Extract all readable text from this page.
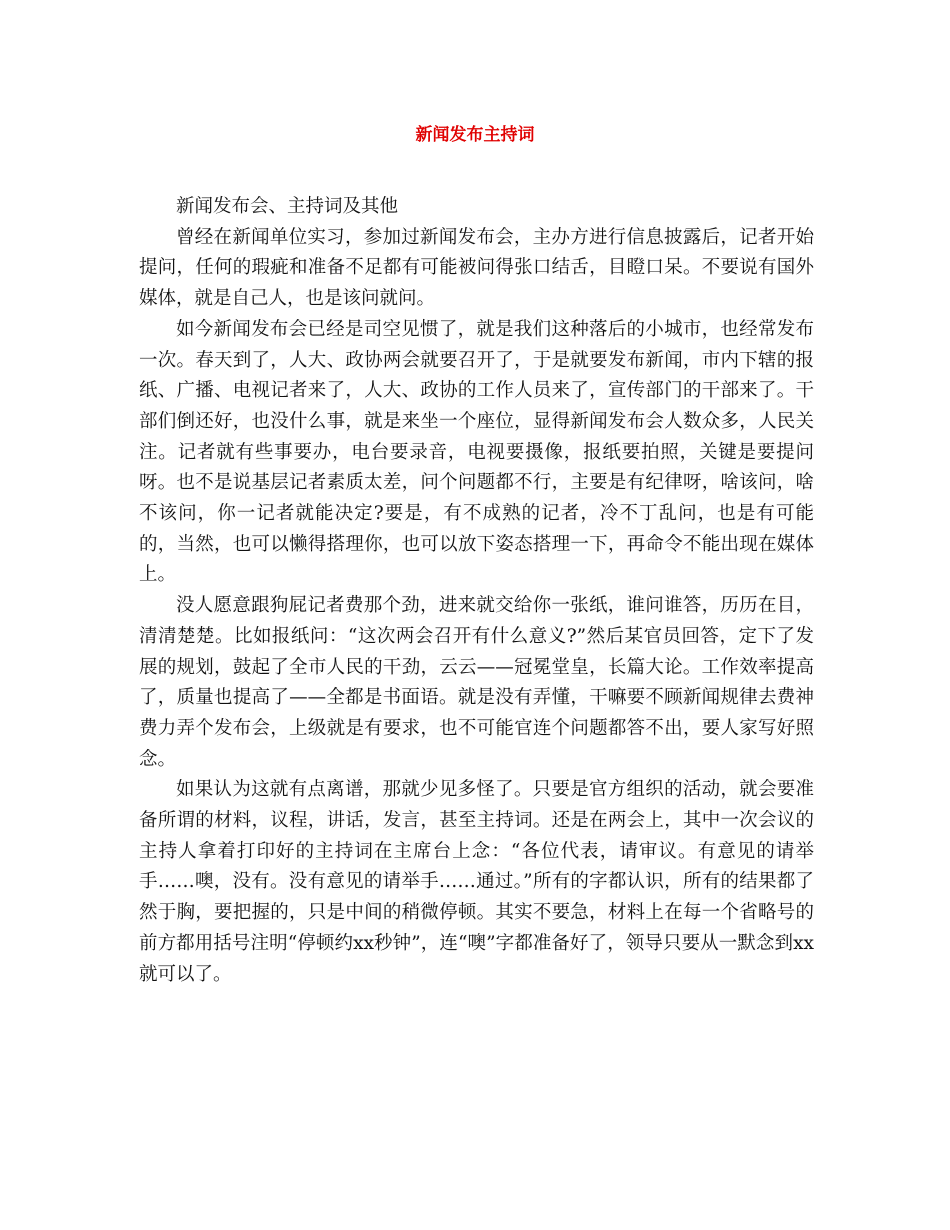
新闻发布主持词

新闻发布会、主持词及其他

曾经在新闻单位实习，参加过新闻发布会，主办方进行信息披露后，记者开始提问，任何的瑕疵和准备不足都有可能被问得张口结舌，目瞪口呆。不要说有国外媒体，就是自己人，也是该问就问。

如今新闻发布会已经是司空见惯了，就是我们这种落后的小城市，也经常发布一次。春天到了，人大、政协两会就要召开了，于是就要发布新闻，市内下辖的报纸、广播、电视记者来了，人大、政协的工作人员来了，宣传部门的干部来了。干部们倒还好，也没什么事，就是来坐一个座位，显得新闻发布会人数众多，人民关注。记者就有些事要办，电台要录音，电视要摄像，报纸要拍照，关键是要提问呀。也不是说基层记者素质太差，问个问题都不行，主要是有纪律呀，啥该问，啥不该问，你一记者就能决定?要是，有不成熟的记者，冷不丁乱问，也是有可能的，当然，也可以懒得搭理你，也可以放下姿态搭理一下，再命令不能出现在媒体上。

没人愿意跟狗屁记者费那个劲，进来就交给你一张纸，谁问谁答，历历在目，清清楚楚。比如报纸问：“这次两会召开有什么意义?”然后某官员回答，定下了发展的规划，鼓起了全市人民的干劲，云云——冠冕堂皇，长篇大论。工作效率提高了，质量也提高了——全都是书面语。就是没有弄懂，干嘛要不顾新闻规律去费神费力弄个发布会，上级就是有要求，也不可能官连个问题都答不出，要人家写好照念。

如果认为这就有点离谱，那就少见多怪了。只要是官方组织的活动，就会要准备所谓的材料，议程，讲话，发言，甚至主持词。还是在两会上，其中一次会议的主持人拿着打印好的主持词在主席台上念：“各位代表，请审议。有意见的请举手……噢，没有。没有意见的请举手……通过。”所有的字都认识，所有的结果都了然于胸，要把握的，只是中间的稍微停顿。其实不要急，材料上在每一个省略号的前方都用括号注明“停顿约xx秒钟”，连“噢”字都准备好了，领导只要从一默念到xx就可以了。
